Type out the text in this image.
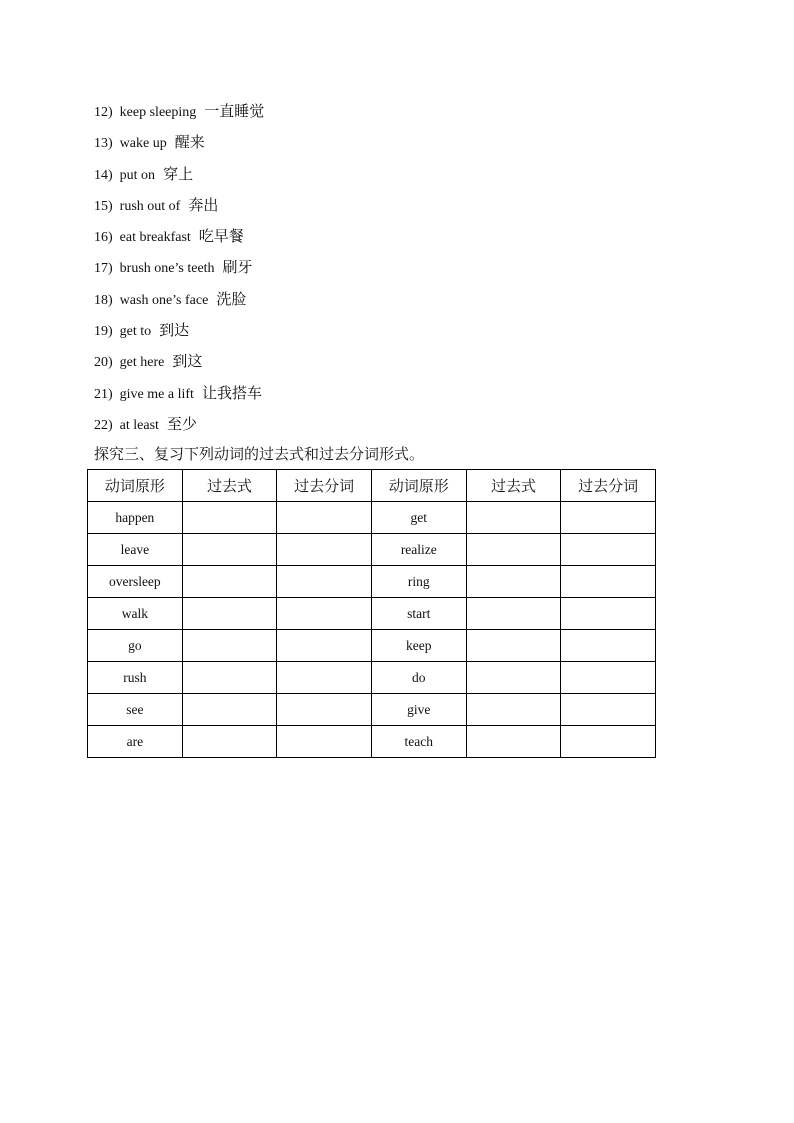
12) keep sleeping 一直睡觉
13) wake up 醒来
14) put on 穿上
15) rush out of 奔出
16) eat breakfast 吃早餐
17) brush one’s teeth 刷牙
18) wash one’s face 洗脸
19) get to 到达
20) get here 到这
21) give me a lift 让我搭车
22) at least 至少
探究三、复习下列动词的过去式和过去分词形式。
动词原形	过去式	过去分词	动词原形	过去式	过去分词
happen			get		
leave			realize		
oversleep			ring		
walk			start		
go			keep		
rush			do		
see			give		
are			teach		
